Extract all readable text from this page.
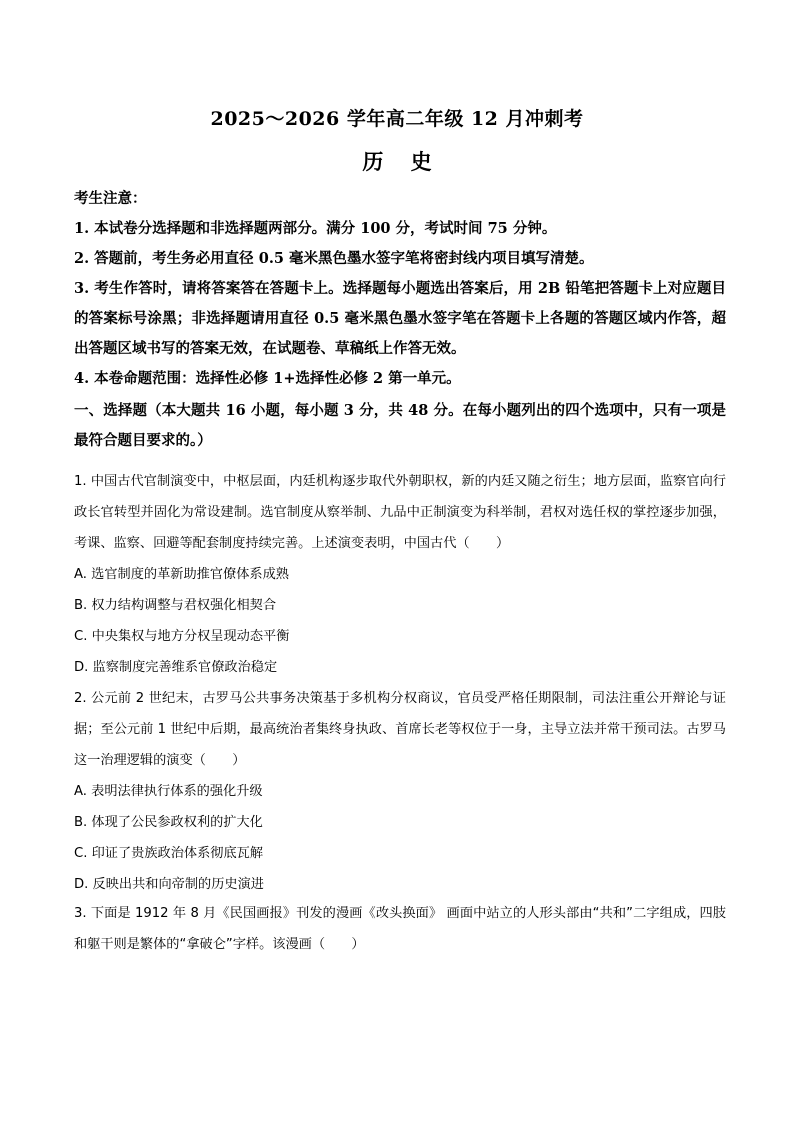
2025～2026 学年高二年级 12 月冲刺考
历 史

考生注意：

1. 本试卷分选择题和非选择题两部分。满分 100 分，考试时间 75 分钟。

2. 答题前，考生务必用直径 0.5 毫米黑色墨水签字笔将密封线内项目填写清楚。

3. 考生作答时，请将答案答在答题卡上。选择题每小题选出答案后，用 2B 铅笔把答题卡上对应题目的答案标号涂黑；非选择题请用直径 0.5 毫米黑色墨水签字笔在答题卡上各题的答题区域内作答，超出答题区域书写的答案无效，在试题卷、草稿纸上作答无效。

4. 本卷命题范围：选择性必修 1+选择性必修 2 第一单元。

一、选择题（本大题共 16 小题，每小题 3 分，共 48 分。在每小题列出的四个选项中，只有一项是最符合题目要求的。）

1. 中国古代官制演变中，中枢层面，内廷机构逐步取代外朝职权，新的内廷又随之衍生；地方层面，监察官向行政长官转型并固化为常设建制。选官制度从察举制、九品中正制演变为科举制，君权对选任权的掌控逐步加强，考课、监察、回避等配套制度持续完善。上述演变表明，中国古代（　　）

A. 选官制度的革新助推官僚体系成熟

B. 权力结构调整与君权强化相契合

C. 中央集权与地方分权呈现动态平衡

D. 监察制度完善维系官僚政治稳定

2. 公元前 2 世纪末，古罗马公共事务决策基于多机构分权商议，官员受严格任期限制，司法注重公开辩论与证据；至公元前 1 世纪中后期，最高统治者集终身执政、首席长老等权位于一身，主导立法并常干预司法。古罗马这一治理逻辑的演变（　　）

A. 表明法律执行体系的强化升级

B. 体现了公民参政权利的扩大化

C. 印证了贵族政治体系彻底瓦解

D. 反映出共和向帝制的历史演进

3. 下面是 1912 年 8 月《民国画报》刊发的漫画《改头换面》 画面中站立的人形头部由“共和”二字组成，四肢和躯干则是繁体的“拿破仑”字样。该漫画（　　）
